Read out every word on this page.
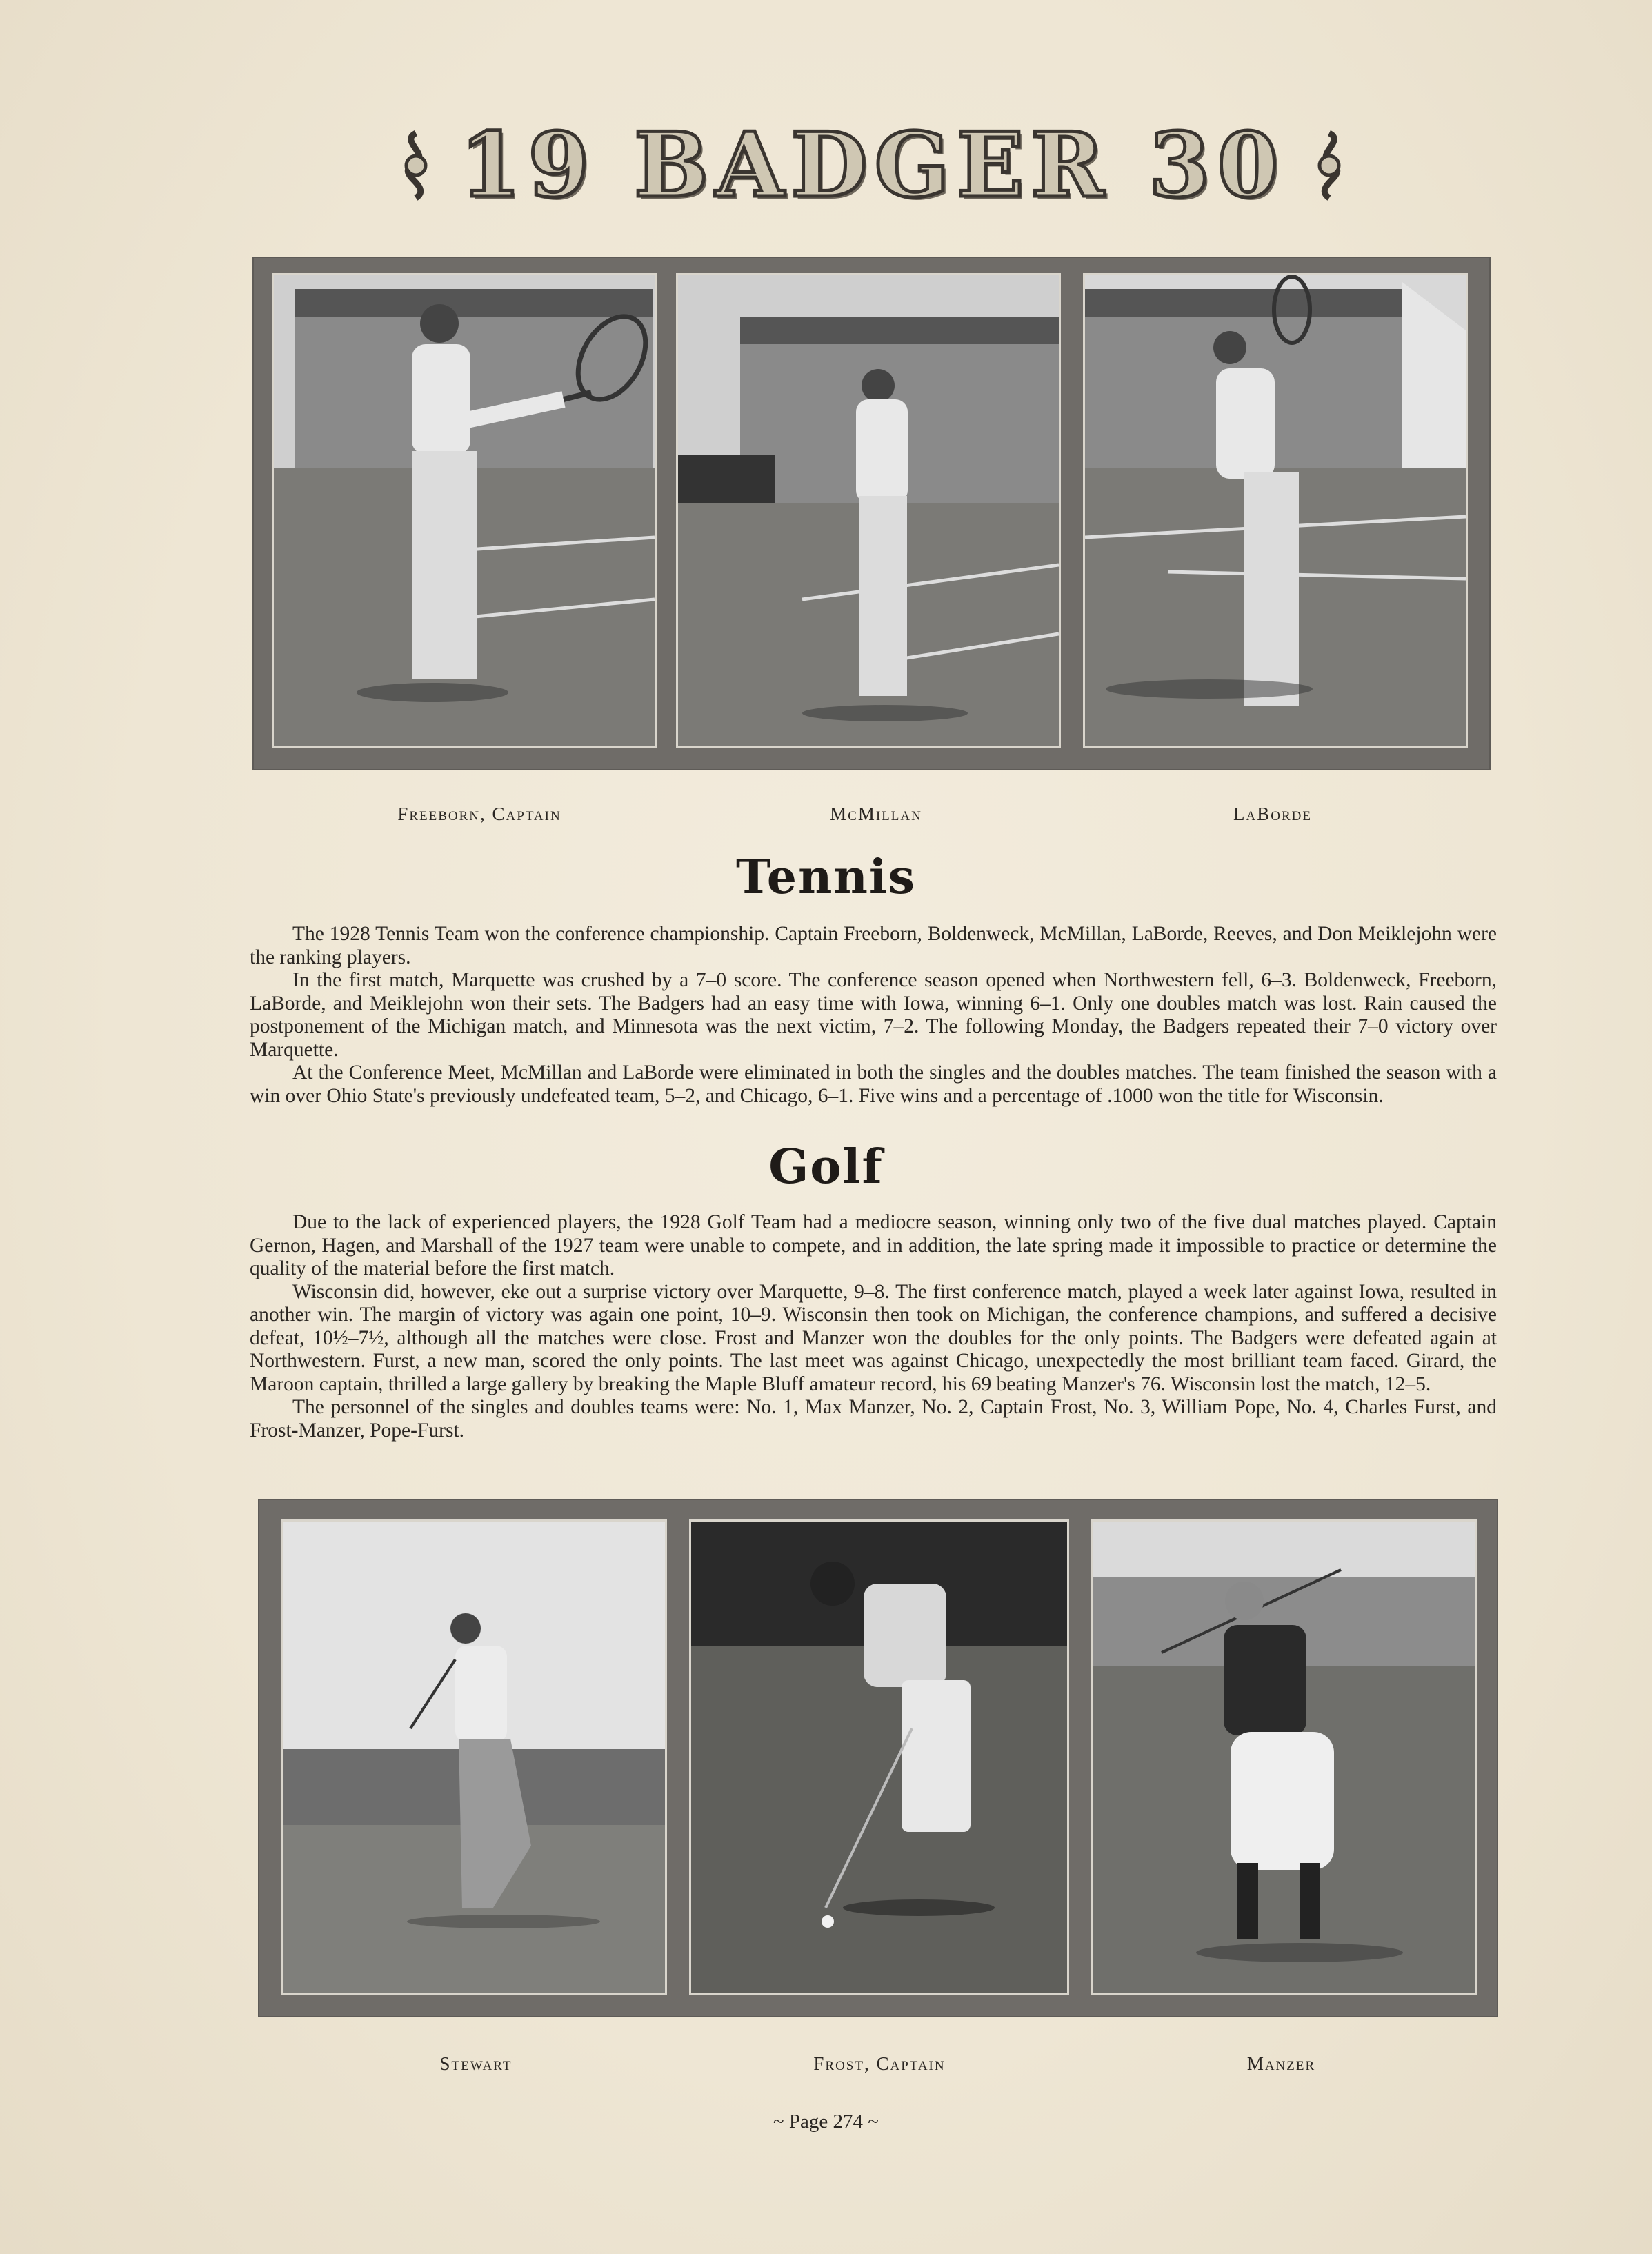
19 BADGER 30
Freeborn, Captain	McMillan	LaBorde
Tennis

The 1928 Tennis Team won the conference championship. Captain Freeborn, Boldenweck, McMillan, LaBorde, Reeves, and Don Meiklejohn were the ranking players.

In the first match, Marquette was crushed by a 7–0 score. The conference season opened when Northwestern fell, 6–3. Boldenweck, Freeborn, LaBorde, and Meiklejohn won their sets. The Badgers had an easy time with Iowa, winning 6–1. Only one doubles match was lost. Rain caused the postponement of the Michigan match, and Minnesota was the next victim, 7–2. The following Monday, the Badgers repeated their 7–0 victory over Marquette.

At the Conference Meet, McMillan and LaBorde were eliminated in both the singles and the doubles matches. The team finished the season with a win over Ohio State's previously undefeated team, 5–2, and Chicago, 6–1. Five wins and a percentage of .1000 won the title for Wisconsin.

Golf

Due to the lack of experienced players, the 1928 Golf Team had a mediocre season, winning only two of the five dual matches played. Captain Gernon, Hagen, and Marshall of the 1927 team were unable to compete, and in addition, the late spring made it impossible to practice or determine the quality of the material before the first match.

Wisconsin did, however, eke out a surprise victory over Marquette, 9–8. The first conference match, played a week later against Iowa, resulted in another win. The margin of victory was again one point, 10–9. Wisconsin then took on Michigan, the conference champions, and suffered a decisive defeat, 10½–7½, although all the matches were close. Frost and Manzer won the doubles for the only points. The Badgers were defeated again at Northwestern. Furst, a new man, scored the only points. The last meet was against Chicago, unexpectedly the most brilliant team faced. Girard, the Maroon captain, thrilled a large gallery by breaking the Maple Bluff amateur record, his 69 beating Manzer's 76. Wisconsin lost the match, 12–5.

The personnel of the singles and doubles teams were: No. 1, Max Manzer, No. 2, Captain Frost, No. 3, William Pope, No. 4, Charles Furst, and Frost-Manzer, Pope-Furst.

Stewart	Frost, Captain	Manzer
~ Page 274 ~
